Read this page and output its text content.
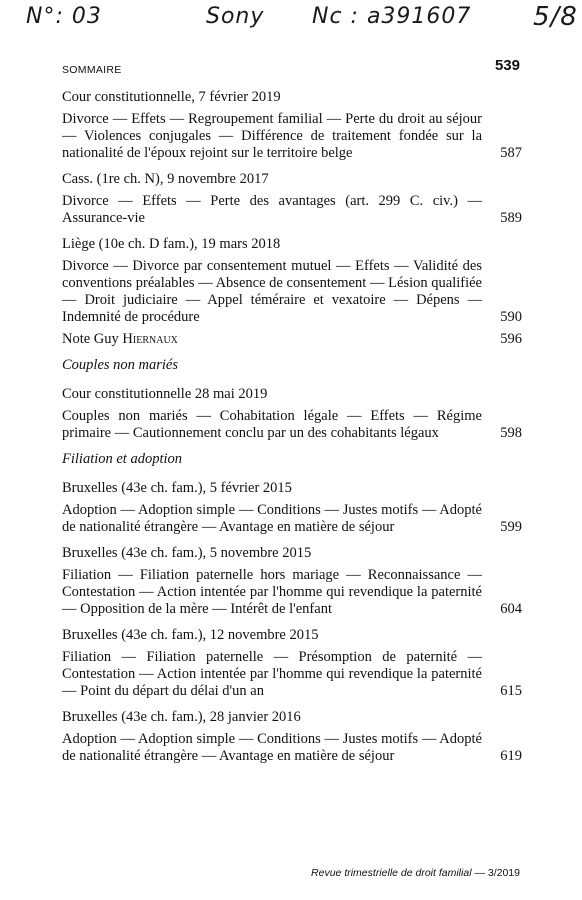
N°: 03	Sony Nc : a391607 5/8
SOMMAIRE	539
Cour constitutionnelle, 7 février 2019
Divorce — Effets — Regroupement familial — Perte du droit au séjour — Violences conjugales — Différence de traitement fondée sur la nationalité de l'époux rejoint sur le territoire belge	587
Cass. (1re ch. N), 9 novembre 2017
Divorce — Effets — Perte des avantages (art. 299 C. civ.) — Assurance-vie	589
Liège (10e ch. D fam.), 19 mars 2018
Divorce — Divorce par consentement mutuel — Effets — Validité des conventions préalables — Absence de consentement — Lésion qualifiée — Droit judiciaire — Appel téméraire et vexatoire — Dépens — Indemnité de procédure	590
Note Guy Hiernaux	596
Couples non mariés
Cour constitutionnelle 28 mai 2019
Couples non mariés — Cohabitation légale — Effets — Régime primaire — Cautionnement conclu par un des cohabitants légaux	598
Filiation et adoption
Bruxelles (43e ch. fam.), 5 février 2015
Adoption — Adoption simple — Conditions — Justes motifs — Adopté de nationalité étrangère — Avantage en matière de séjour	599
Bruxelles (43e ch. fam.), 5 novembre 2015
Filiation — Filiation paternelle hors mariage — Reconnaissance — Contestation — Action intentée par l'homme qui revendique la paternité — Opposition de la mère — Intérêt de l'enfant	604
Bruxelles (43e ch. fam.), 12 novembre 2015
Filiation — Filiation paternelle — Présomption de paternité — Contestation — Action intentée par l'homme qui revendique la paternité — Point du départ du délai d'un an	615
Bruxelles (43e ch. fam.), 28 janvier 2016
Adoption — Adoption simple — Conditions — Justes motifs — Adopté de nationalité étrangère — Avantage en matière de séjour	619
Revue trimestrielle de droit familial — 3/2019
